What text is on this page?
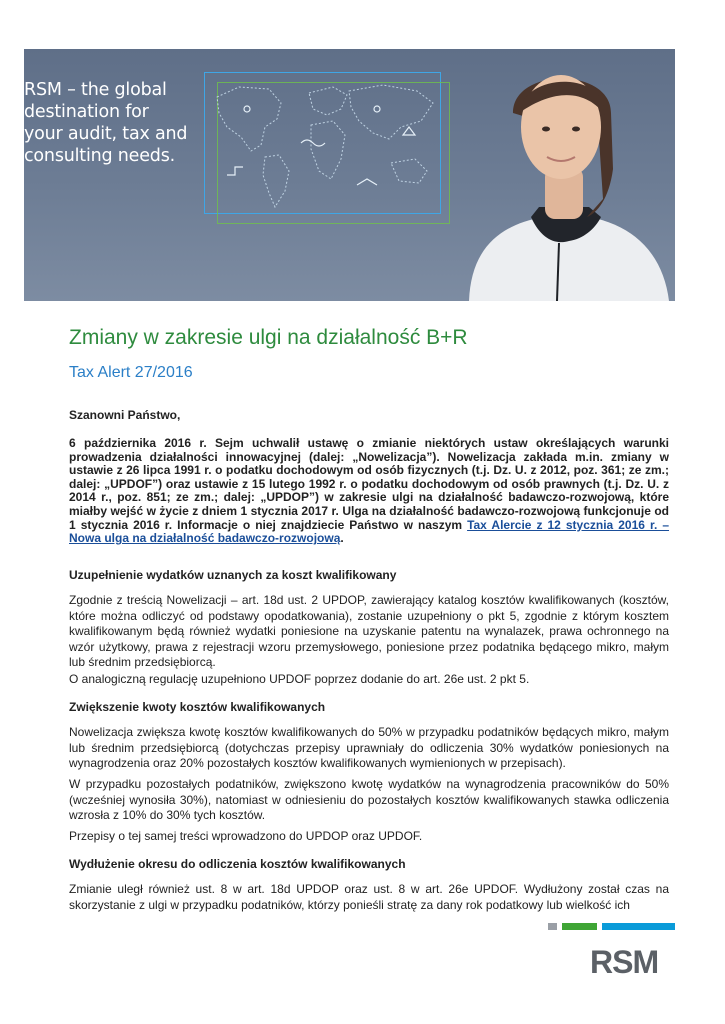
RSM – the global
destination for
your audit, tax and
consulting needs.
Zmiany w zakresie ulgi na działalność B+R
Tax Alert 27/2016
Szanowni Państwo,
6 października 2016 r. Sejm uchwalił ustawę o zmianie niektórych ustaw określających warunki prowadzenia działalności innowacyjnej (dalej: „Nowelizacja”). Nowelizacja zakłada m.in. zmiany w ustawie z 26 lipca 1991 r. o podatku dochodowym od osób fizycznych (t.j. Dz. U. z 2012, poz. 361; ze zm.; dalej: „UPDOF”) oraz ustawie z 15 lutego 1992 r. o podatku dochodowym od osób prawnych (t.j. Dz. U. z 2014 r., poz. 851; ze zm.; dalej: „UPDOP”) w zakresie ulgi na działalność badawczo-rozwojową, które miałby wejść w życie z dniem 1 stycznia 2017 r. Ulga na działalność badawczo-rozwojową funkcjonuje od 1 stycznia 2016 r. Informacje o niej znajdziecie Państwo w naszym Tax Alercie z 12 stycznia 2016 r. – Nowa ulga na działalność badawczo-rozwojową.
Uzupełnienie wydatków uznanych za koszt kwalifikowany
Zgodnie z treścią Nowelizacji – art. 18d ust. 2 UPDOP, zawierający katalog kosztów kwalifikowanych (kosztów, które można odliczyć od podstawy opodatkowania), zostanie uzupełniony o pkt 5, zgodnie z którym kosztem kwalifikowanym będą również wydatki poniesione na uzyskanie patentu na wynalazek, prawa ochronnego na wzór użytkowy, prawa z rejestracji wzoru przemysłowego, poniesione przez podatnika będącego mikro, małym lub średnim przedsiębiorcą.
O analogiczną regulację uzupełniono UPDOF poprzez dodanie do art. 26e ust. 2 pkt 5.
Zwiększenie kwoty kosztów kwalifikowanych
Nowelizacja zwiększa kwotę kosztów kwalifikowanych do 50% w przypadku podatników będących mikro, małym lub średnim przedsiębiorcą (dotychczas przepisy uprawniały do odliczenia 30% wydatków poniesionych na wynagrodzenia oraz 20% pozostałych kosztów kwalifikowanych wymienionych w przepisach).
W przypadku pozostałych podatników, zwiększono kwotę wydatków na wynagrodzenia pracowników do 50% (wcześniej wynosiła 30%), natomiast w odniesieniu do pozostałych kosztów kwalifikowanych stawka odliczenia wzrosła z 10% do 30% tych kosztów.
Przepisy o tej samej treści wprowadzono do UPDOP oraz UPDOF.
Wydłużenie okresu do odliczenia kosztów kwalifikowanych
Zmianie uległ również ust. 8 w art. 18d UPDOP oraz ust. 8 w art. 26e UPDOF. Wydłużony został czas na skorzystanie z ulgi w przypadku podatników, którzy ponieśli stratę za dany rok podatkowy lub wielkość ich
RSM
